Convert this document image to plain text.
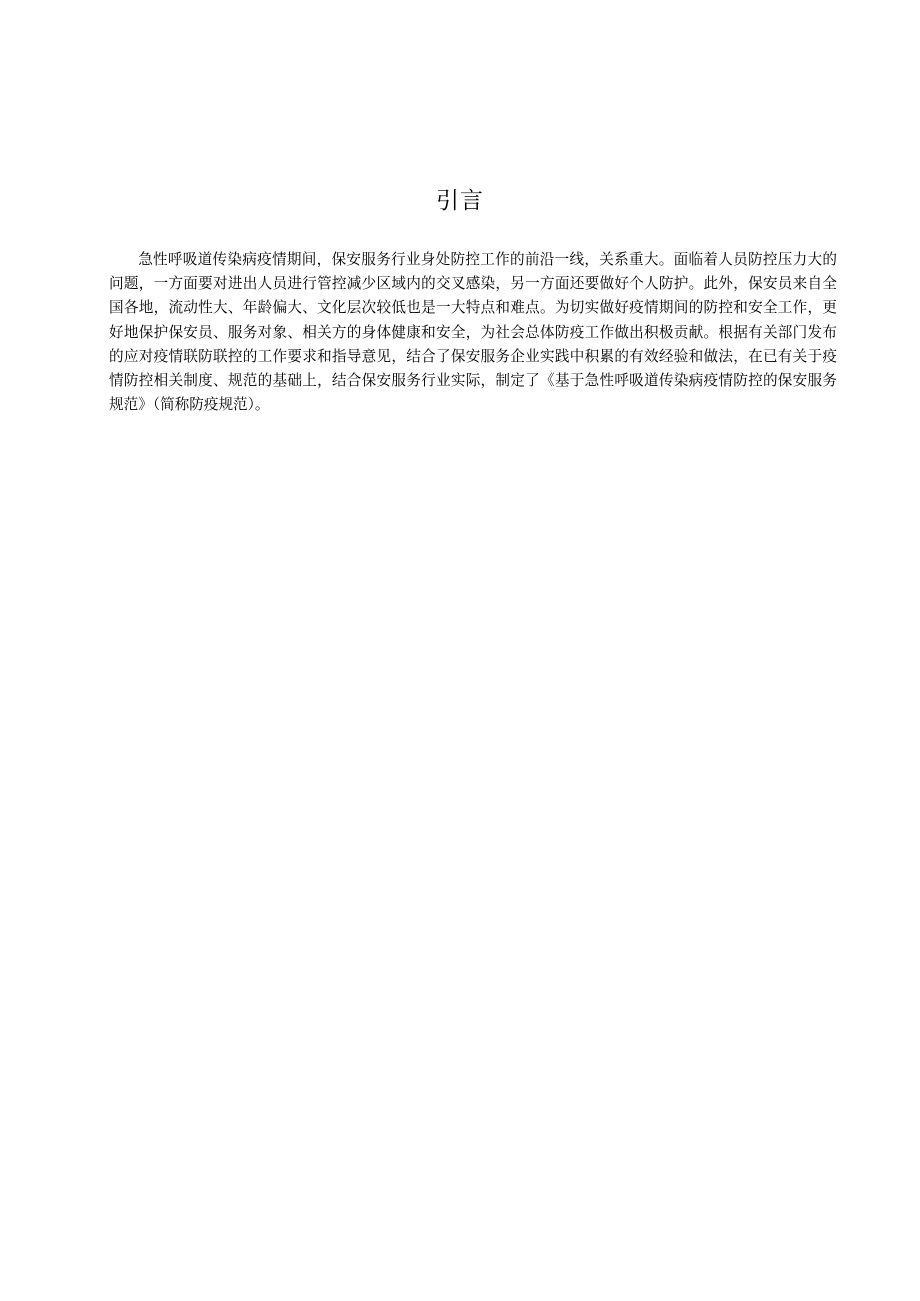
引言

急性呼吸道传染病疫情期间，保安服务行业身处防控工作的前沿一线，关系重大。面临着人员防控压力大的问题，一方面要对进出人员进行管控减少区域内的交叉感染，另一方面还要做好个人防护。此外，保安员来自全国各地，流动性大、年龄偏大、文化层次较低也是一大特点和难点。为切实做好疫情期间的防控和安全工作，更好地保护保安员、服务对象、相关方的身体健康和安全，为社会总体防疫工作做出积极贡献。根据有关部门发布的应对疫情联防联控的工作要求和指导意见，结合了保安服务企业实践中积累的有效经验和做法，在已有关于疫情防控相关制度、规范的基础上，结合保安服务行业实际，制定了《基于急性呼吸道传染病疫情防控的保安服务规范》（简称防疫规范）。
